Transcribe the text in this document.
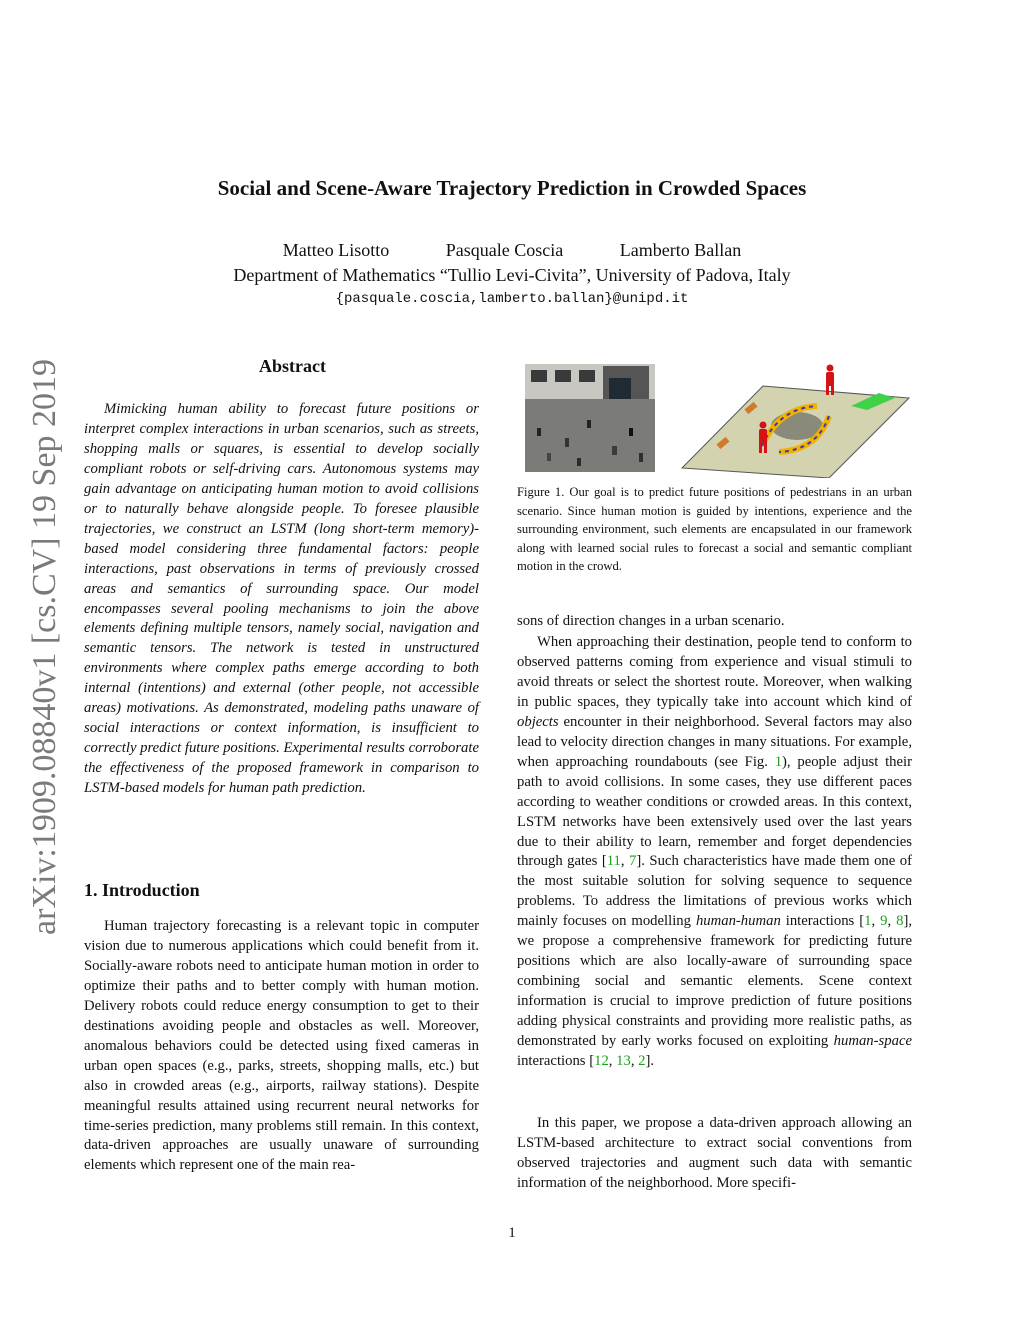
arXiv:1909.08840v1 [cs.CV] 19 Sep 2019
Social and Scene-Aware Trajectory Prediction in Crowded Spaces
Matteo Lisotto	Pasquale Coscia	Lamberto Ballan
Department of Mathematics “Tullio Levi-Civita”, University of Padova, Italy
{pasquale.coscia,lamberto.ballan}@unipd.it
Abstract

Mimicking human ability to forecast future positions or interpret complex interactions in urban scenarios, such as streets, shopping malls or squares, is essential to develop socially compliant robots or self-driving cars. Autonomous systems may gain advantage on anticipating human motion to avoid collisions or to naturally behave alongside people. To foresee plausible trajectories, we construct an LSTM (long short-term memory)-based model considering three fundamental factors: people interactions, past observations in terms of previously crossed areas and semantics of surrounding space. Our model encompasses several pooling mechanisms to join the above elements defining multiple tensors, namely social, navigation and semantic tensors. The network is tested in unstructured environments where complex paths emerge according to both internal (intentions) and external (other people, not accessible areas) motivations. As demonstrated, modeling paths unaware of social interactions or context information, is insufficient to correctly predict future positions. Experimental results corroborate the effectiveness of the proposed framework in comparison to LSTM-based models for human path prediction.

1. Introduction

Human trajectory forecasting is a relevant topic in computer vision due to numerous applications which could benefit from it. Socially-aware robots need to anticipate human motion in order to optimize their paths and to better comply with human motion. Delivery robots could reduce energy consumption to get to their destinations avoiding people and obstacles as well. Moreover, anomalous behaviors could be detected using fixed cameras in urban open spaces (e.g., parks, streets, shopping malls, etc.) but also in crowded areas (e.g., airports, railway stations). Despite meaningful results attained using recurrent neural networks for time-series prediction, many problems still remain. In this context, data-driven approaches are usually unaware of surrounding elements which represent one of the main rea-

Figure 1. Our goal is to predict future positions of pedestrians in an urban scenario. Since human motion is guided by intentions, experience and the surrounding environment, such elements are encapsulated in our framework along with learned social rules to forecast a social and semantic compliant motion in the crowd.

sons of direction changes in a urban scenario.

When approaching their destination, people tend to conform to observed patterns coming from experience and visual stimuli to avoid threats or select the shortest route. Moreover, when walking in public spaces, they typically take into account which kind of objects encounter in their neighborhood. Several factors may also lead to velocity direction changes in many situations. For example, when approaching roundabouts (see Fig. 1), people adjust their path to avoid collisions. In some cases, they use different paces according to weather conditions or crowded areas. In this context, LSTM networks have been extensively used over the last years due to their ability to learn, remember and forget dependencies through gates [11, 7]. Such characteristics have made them one of the most suitable solution for solving sequence to sequence problems. To address the limitations of previous works which mainly focuses on modelling human-human interactions [1, 9, 8], we propose a comprehensive framework for predicting future positions which are also locally-aware of surrounding space combining social and semantic elements. Scene context information is crucial to improve prediction of future positions adding physical constraints and providing more realistic paths, as demonstrated by early works focused on exploiting human-space interactions [12, 13, 2].

In this paper, we propose a data-driven approach allowing an LSTM-based architecture to extract social conventions from observed trajectories and augment such data with semantic information of the neighborhood. More specifi-

1
